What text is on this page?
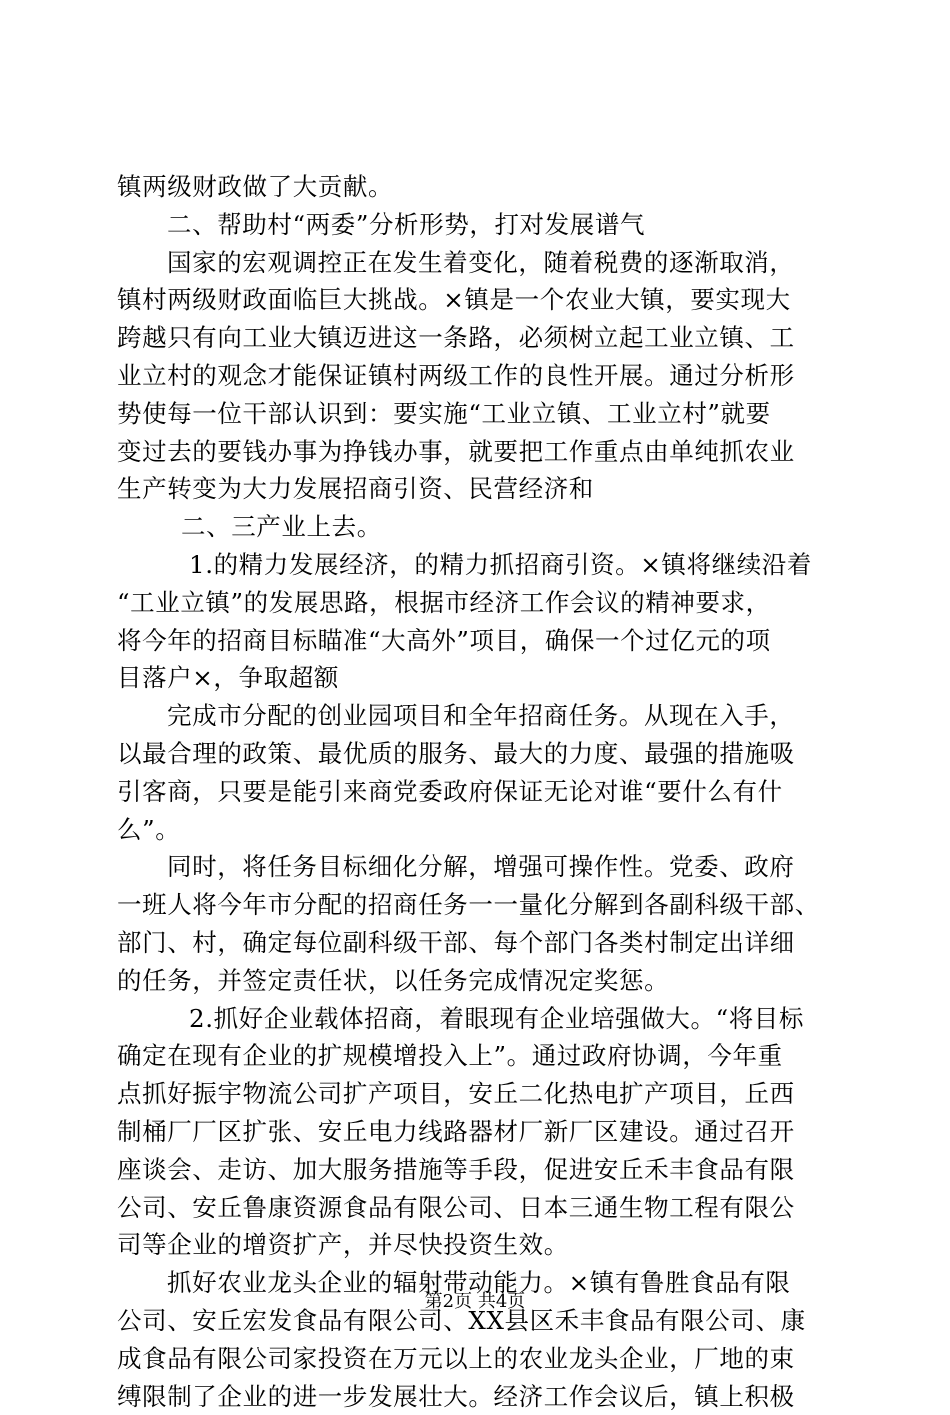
镇两级财政做了大贡献。
二、帮助村“两委”分析形势，打对发展谱气
国家的宏观调控正在发生着变化，随着税费的逐渐取消，
镇村两级财政面临巨大挑战。×镇是一个农业大镇，要实现大
跨越只有向工业大镇迈进这一条路，必须树立起工业立镇、工
业立村的观念才能保证镇村两级工作的良性开展。通过分析形
势使每一位干部认识到：要实施“工业立镇、工业立村”就要
变过去的要钱办事为挣钱办事，就要把工作重点由单纯抓农业
生产转变为大力发展招商引资、民营经济和
二、三产业上去。
1.的精力发展经济，的精力抓招商引资。×镇将继续沿着
“工业立镇”的发展思路，根据市经济工作会议的精神要求，
将今年的招商目标瞄准“大高外”项目，确保一个过亿元的项
目落户×，争取超额
完成市分配的创业园项目和全年招商任务。从现在入手，
以最合理的政策、最优质的服务、最大的力度、最强的措施吸
引客商，只要是能引来商党委政府保证无论对谁“要什么有什
么”。
同时，将任务目标细化分解，增强可操作性。党委、政府
一班人将今年市分配的招商任务一一量化分解到各副科级干部、
部门、村，确定每位副科级干部、每个部门各类村制定出详细
的任务，并签定责任状，以任务完成情况定奖惩。
2.抓好企业载体招商，着眼现有企业培强做大。“将目标
确定在现有企业的扩规模增投入上”。通过政府协调，今年重
点抓好振宇物流公司扩产项目，安丘二化热电扩产项目，丘西
制桶厂厂区扩张、安丘电力线路器材厂新厂区建设。通过召开
座谈会、走访、加大服务措施等手段，促进安丘禾丰食品有限
公司、安丘鲁康资源食品有限公司、日本三通生物工程有限公
司等企业的增资扩产，并尽快投资生效。
抓好农业龙头企业的辐射带动能力。×镇有鲁胜食品有限
公司、安丘宏发食品有限公司、XX县区禾丰食品有限公司、康
成食品有限公司家投资在万元以上的农业龙头企业，厂地的束
缚限制了企业的进一步发展壮大。经济工作会议后，镇上积极
第2页 共4页
